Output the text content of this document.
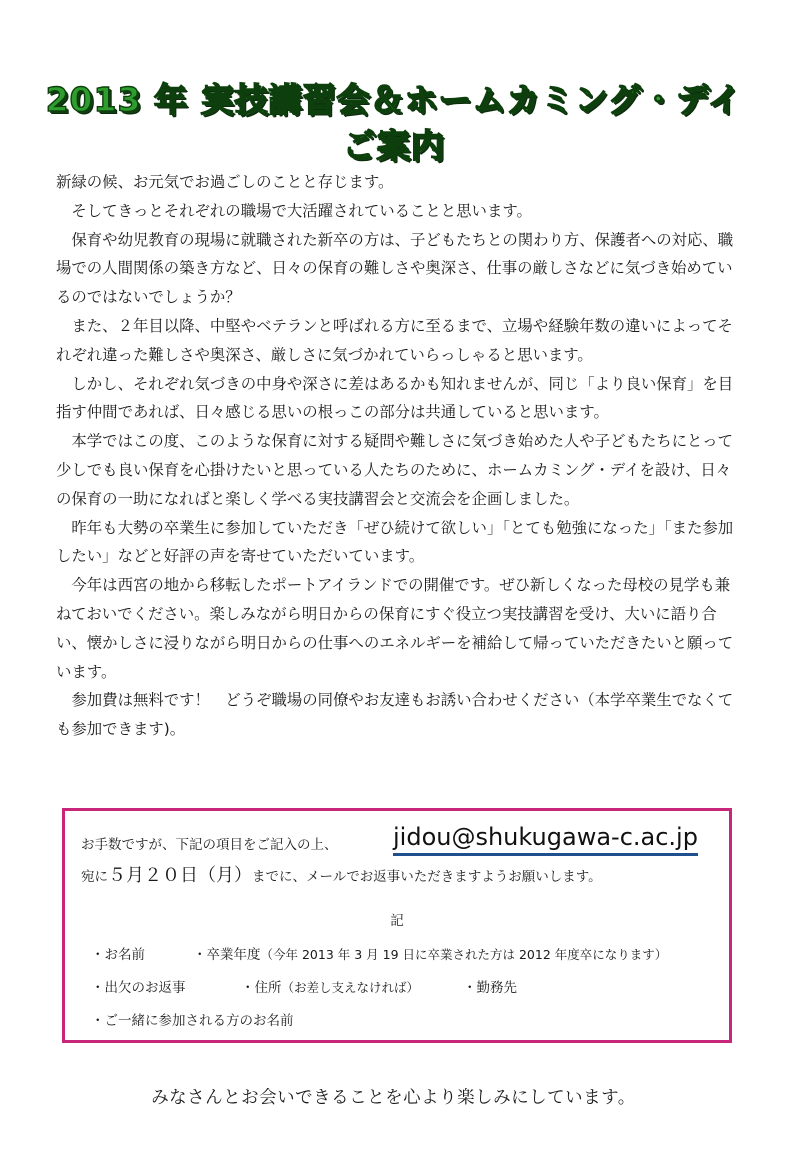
2013 年 実技講習会＆ホームカミング・デイ
ご案内

新緑の候、お元気でお過ごしのことと存じます。

そしてきっとそれぞれの職場で大活躍されていることと思います。

保育や幼児教育の現場に就職された新卒の方は、子どもたちとの関わり方、保護者への対応、職場での人間関係の築き方など、日々の保育の難しさや奥深さ、仕事の厳しさなどに気づき始めているのではないでしょうか？

また、２年目以降、中堅やベテランと呼ばれる方に至るまで、立場や経験年数の違いによってそれぞれ違った難しさや奥深さ、厳しさに気づかれていらっしゃると思います。

しかし、それぞれ気づきの中身や深さに差はあるかも知れませんが、同じ「より良い保育」を目指す仲間であれば、日々感じる思いの根っこの部分は共通していると思います。

本学ではこの度、このような保育に対する疑問や難しさに気づき始めた人や子どもたちにとって少しでも良い保育を心掛けたいと思っている人たちのために、ホームカミング・デイを設け、日々の保育の一助になればと楽しく学べる実技講習会と交流会を企画しました。

昨年も大勢の卒業生に参加していただき「ぜひ続けて欲しい」「とても勉強になった」「また参加したい」などと好評の声を寄せていただいています。

今年は西宮の地から移転したポートアイランドでの開催です。ぜひ新しくなった母校の見学も兼ねておいでください。楽しみながら明日からの保育にすぐ役立つ実技講習を受け、大いに語り合い、懐かしさに浸りながら明日からの仕事へのエネルギーを補給して帰っていただきたいと願っています。

参加費は無料です！　どうぞ職場の同僚やお友達もお誘い合わせください（本学卒業生でなくても参加できます)。

お手数ですが、下記の項目をご記入の上、 jidou@shukugawa-c.ac.jp
宛に５月２０日（月）までに、メールでお返事いただきますようお願いします。
記
・お名前	・卒業年度（今年 2013 年 3 月 19 日に卒業された方は 2012 年度卒になります）
・出欠のお返事	・住所（お差し支えなければ）	・勤務先
・ご一緒に参加される方のお名前
みなさんとお会いできることを心より楽しみにしています。
